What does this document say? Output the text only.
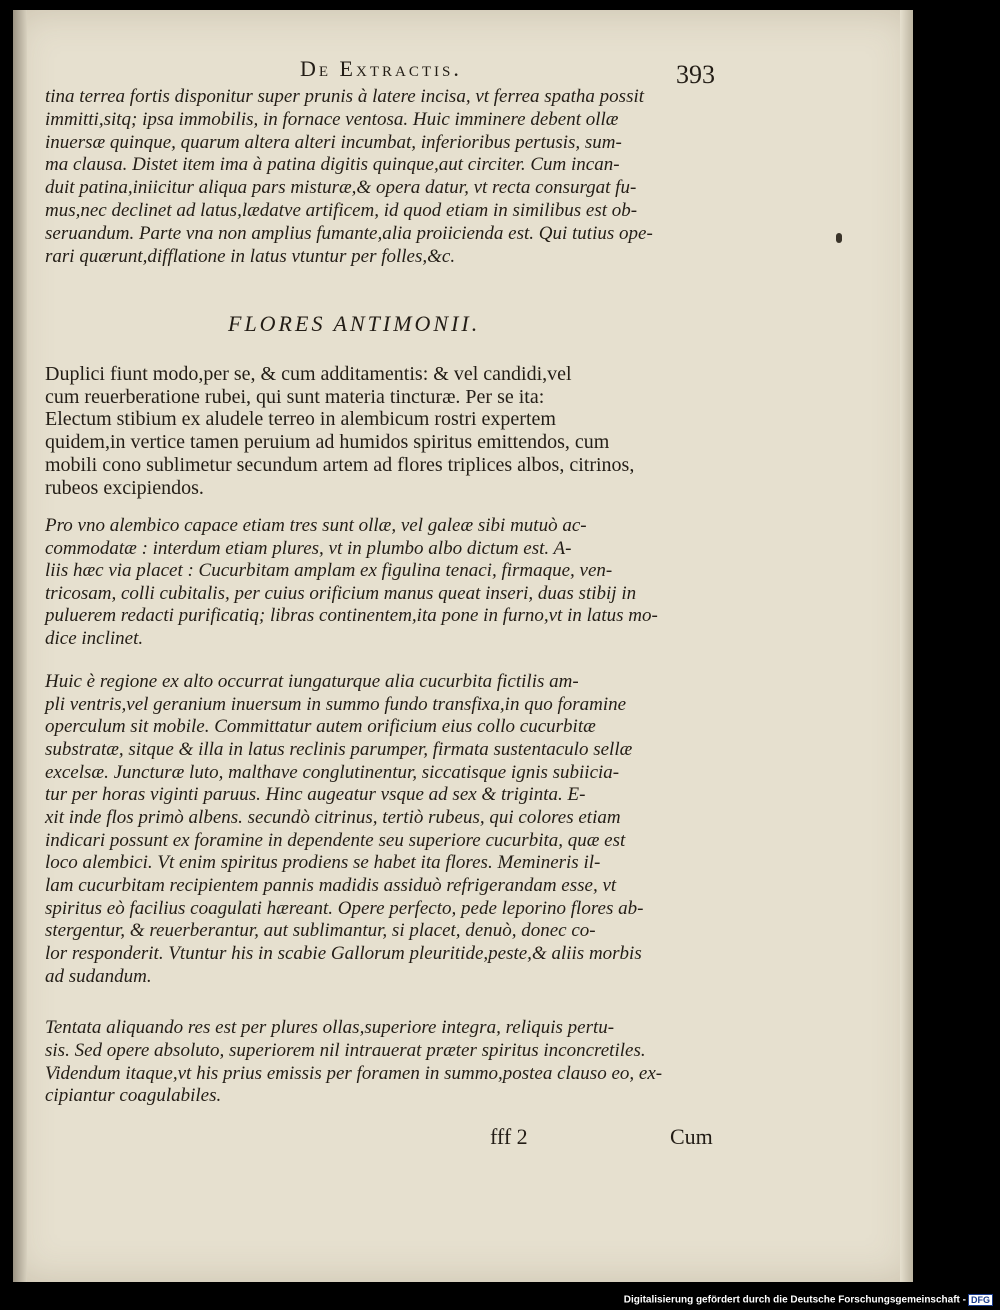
De Extractis.	393
tina terrea fortis disponitur super prunis à latere incisa, vt ferrea spatha possit
immitti,sitq; ipsa immobilis, in fornace ventosa. Huic imminere debent ollæ
inuersæ quinque, quarum altera alteri incumbat, inferioribus pertusis, sum-
ma clausa. Distet item ima à patina digitis quinque,aut circiter. Cum incan-
duit patina,iniicitur aliqua pars misturæ,& opera datur, vt recta consurgat fu-
mus,nec declinet ad latus,lædatve artificem, id quod etiam in similibus est ob-
seruandum. Parte vna non amplius fumante,alia proiicienda est. Qui tutius ope-
rari quærunt,difflatione in latus vtuntur per folles,&c.
FLORES ANTIMONII.
Duplici fiunt modo,per se, & cum additamentis: & vel candidi,vel
cum reuerberatione rubei, qui sunt materia tincturæ. Per se ita:
Electum stibium ex aludele terreo in alembicum rostri expertem
quidem,in vertice tamen peruium ad humidos spiritus emittendos, cum
mobili cono sublimetur secundum artem ad flores triplices albos, citrinos,
rubeos excipiendos.
Pro vno alembico capace etiam tres sunt ollæ, vel galeæ sibi mutuò ac-
commodatæ : interdum etiam plures, vt in plumbo albo dictum est. A-
liis hæc via placet : Cucurbitam amplam ex figulina tenaci, firmaque, ven-
tricosam, colli cubitalis, per cuius orificium manus queat inseri, duas stibij in
puluerem redacti purificatiq; libras continentem,ita pone in furno,vt in latus mo-
dice inclinet.
Huic è regione ex alto occurrat iungaturque alia cucurbita fictilis am-
pli ventris,vel geranium inuersum in summo fundo transfixa,in quo foramine
operculum sit mobile. Committatur autem orificium eius collo cucurbitæ
substratæ, sitque & illa in latus reclinis parumper, firmata sustentaculo sellæ
excelsæ. Juncturæ luto, malthave conglutinentur, siccatisque ignis subiicia-
tur per horas viginti paruus. Hinc augeatur vsque ad sex & triginta. E-
xit inde flos primò albens. secundò citrinus, tertiò rubeus, qui colores etiam
indicari possunt ex foramine in dependente seu superiore cucurbita, quæ est
loco alembici. Vt enim spiritus prodiens se habet ita flores. Memineris il-
lam cucurbitam recipientem pannis madidis assiduò refrigerandam esse, vt
spiritus eò facilius coagulati hæreant. Opere perfecto, pede leporino flores ab-
stergentur, & reuerberantur, aut sublimantur, si placet, denuò, donec co-
lor responderit. Vtuntur his in scabie Gallorum pleuritide,peste,& aliis morbis
ad sudandum.
Tentata aliquando res est per plures ollas,superiore integra, reliquis pertu-
sis. Sed opere absoluto, superiorem nil intrauerat præter spiritus inconcretiles.
Videndum itaque,vt his prius emissis per foramen in summo,postea clauso eo, ex-
cipiantur coagulabiles.
fff 2	Cum
Digitalisierung gefördert durch die Deutsche Forschungsgemeinschaft - DFG
